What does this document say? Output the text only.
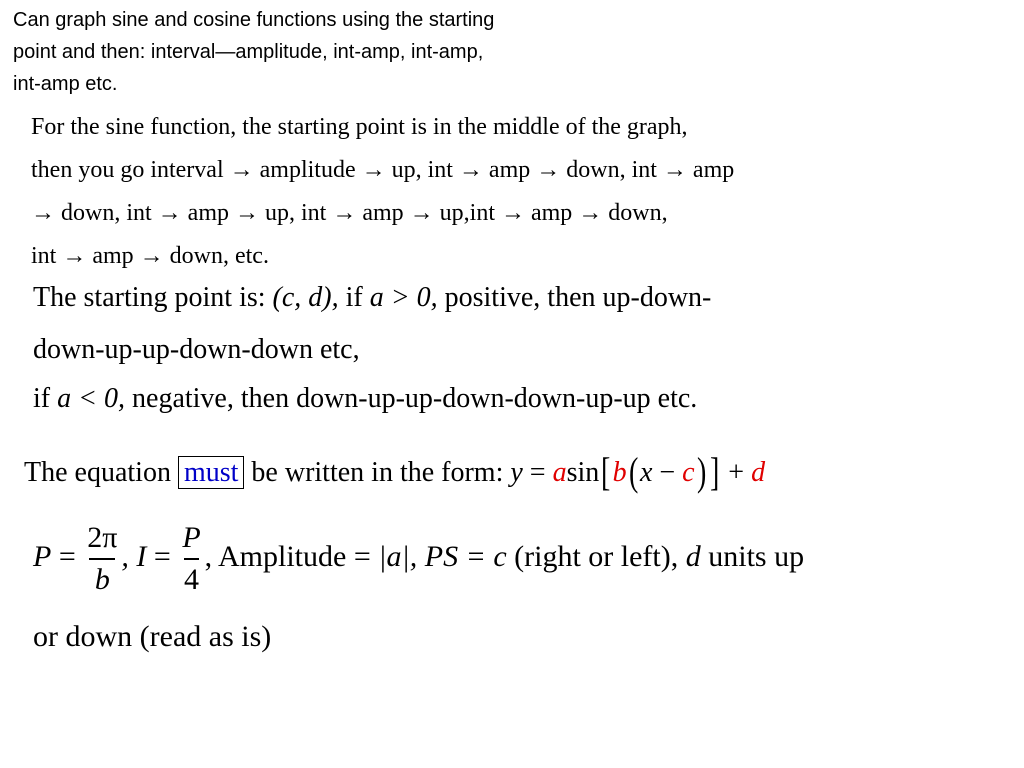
Can graph sine and cosine functions using the starting
point and then: interval—amplitude, int-amp, int-amp,
int-amp etc.
For the sine function, the starting point is in the middle of the graph,
then you go interval → amplitude → up, int → amp → down, int → amp
→ down, int → amp → up, int → amp → up,int → amp → down,
int → amp → down, etc.
The starting point is: (c, d), if a > 0, positive, then up-down-
down-up-up-down-down etc,
if a < 0, negative, then down-up-up-down-down-up-up etc.
The equation must be written in the form: y = asin[b(x − c)] + d
$P = \frac{2\pi}{b}$ , $I = \frac{P}{4}$ , Amplitude = |a|, PS = c (right or left), d units up
or down (read as is)
